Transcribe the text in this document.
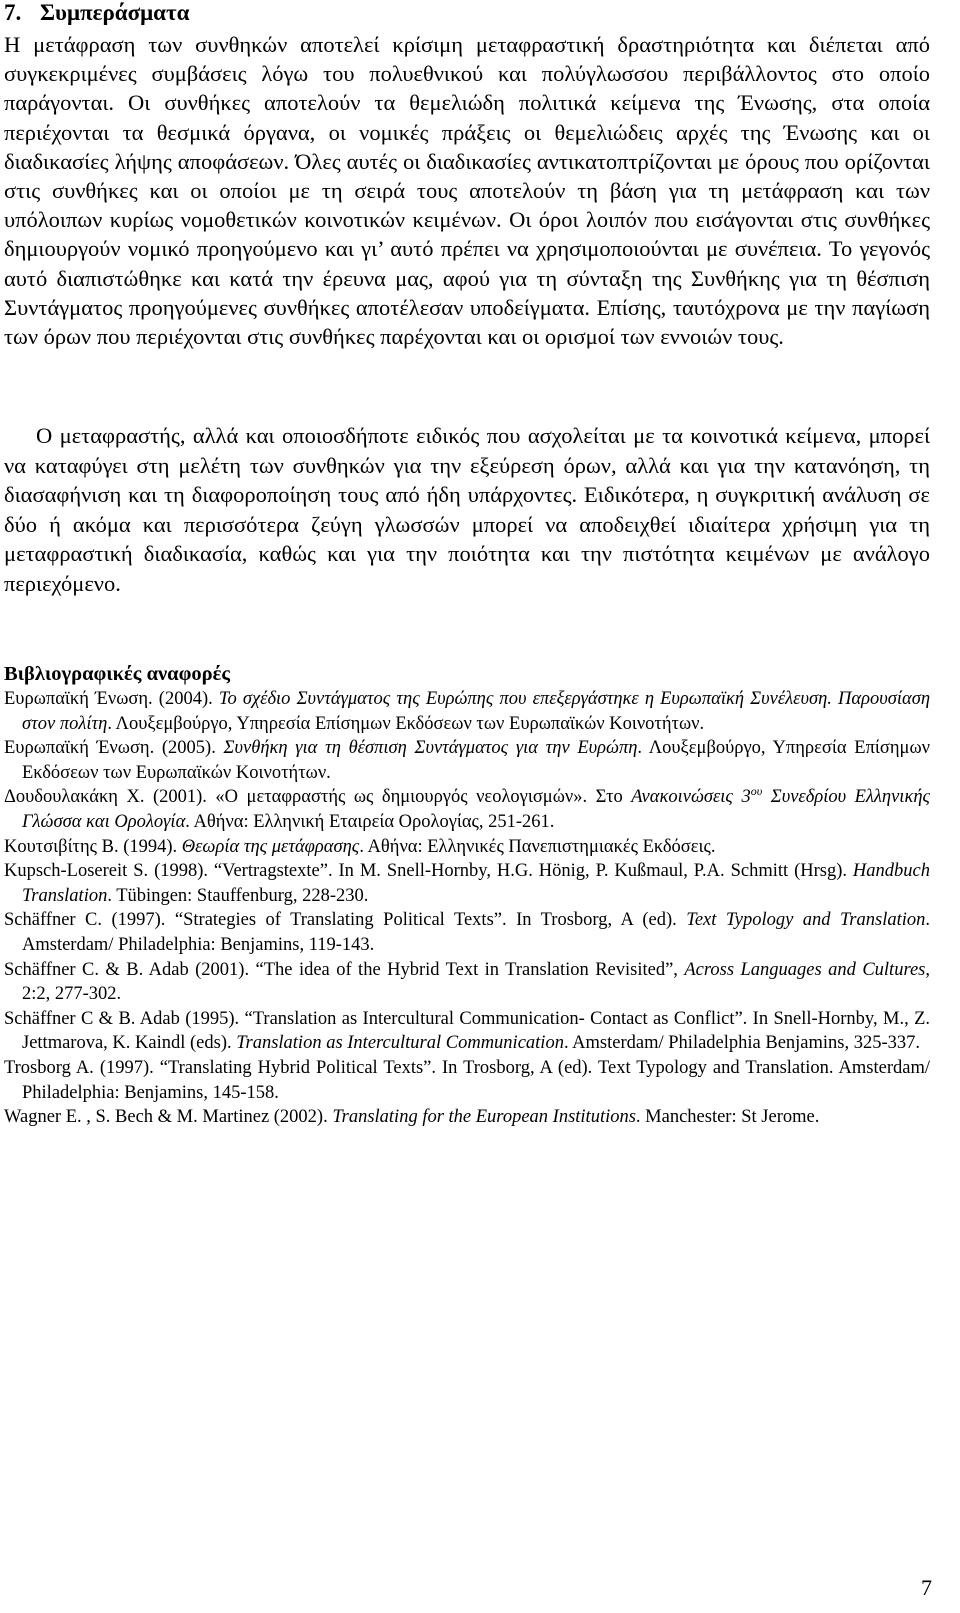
7. Συμπεράσματα

Η μετάφραση των συνθηκών αποτελεί κρίσιμη μεταφραστική δραστηριότητα και διέπεται από συγκεκριμένες συμβάσεις λόγω του πολυεθνικού και πολύγλωσσου περιβάλλοντος στο οποίο παράγονται. Οι συνθήκες αποτελούν τα θεμελιώδη πολιτικά κείμενα της Ένωσης, στα οποία περιέχονται τα θεσμικά όργανα, οι νομικές πράξεις οι θεμελιώδεις αρχές της Ένωσης και οι διαδικασίες λήψης αποφάσεων. Όλες αυτές οι διαδικασίες αντικατοπτρίζονται με όρους που ορίζονται στις συνθήκες και οι οποίοι με τη σειρά τους αποτελούν τη βάση για τη μετάφραση και των υπόλοιπων κυρίως νομοθετικών κοινοτικών κειμένων. Οι όροι λοιπόν που εισάγονται στις συνθήκες δημιουργούν νομικό προηγούμενο και γι’ αυτό πρέπει να χρησιμοποιούνται με συνέπεια. Το γεγονός αυτό διαπιστώθηκε και κατά την έρευνα μας, αφού για τη σύνταξη της Συνθήκης για τη θέσπιση Συντάγματος προηγούμενες συνθήκες αποτέλεσαν υποδείγματα. Επίσης, ταυτόχρονα με την παγίωση των όρων που περιέχονται στις συνθήκες παρέχονται και οι ορισμοί των εννοιών τους.

Ο μεταφραστής, αλλά και οποιοσδήποτε ειδικός που ασχολείται με τα κοινοτικά κείμενα, μπορεί να καταφύγει στη μελέτη των συνθηκών για την εξεύρεση όρων, αλλά και για την κατανόηση, τη διασαφήνιση και τη διαφοροποίηση τους από ήδη υπάρχοντες. Ειδικότερα, η συγκριτική ανάλυση σε δύο ή ακόμα και περισσότερα ζεύγη γλωσσών μπορεί να αποδειχθεί ιδιαίτερα χρήσιμη για τη μεταφραστική διαδικασία, καθώς και για την ποιότητα και την πιστότητα κειμένων με ανάλογο περιεχόμενο.

Βιβλιογραφικές αναφορές
Ευρωπαϊκή Ένωση. (2004). Το σχέδιο Συντάγματος της Ευρώπης που επεξεργάστηκε η Ευρωπαϊκή Συνέλευση. Παρουσίαση στον πολίτη. Λουξεμβούργο, Υπηρεσία Επίσημων Εκδόσεων των Ευρωπαϊκών Κοινοτήτων.
Ευρωπαϊκή Ένωση. (2005). Συνθήκη για τη θέσπιση Συντάγματος για την Ευρώπη. Λουξεμβούργο, Υπηρεσία Επίσημων Εκδόσεων των Ευρωπαϊκών Κοινοτήτων.
Δουδουλακάκη Χ. (2001). «Ο μεταφραστής ως δημιουργός νεολογισμών». Στο Ανακοινώσεις $3^{o\upsilon}$ Συνεδρίου Ελληνικής Γλώσσα και Ορολογία. Αθήνα: Ελληνική Εταιρεία Ορολογίας, 251-261.
Κουτσιβίτης Β. (1994). Θεωρία της μετάφρασης. Αθήνα: Ελληνικές Πανεπιστημιακές Εκδόσεις.
Kupsch-Losereit S. (1998). “Vertragstexte”. In M. Snell-Hornby, H.G. Hönig, P. Kußmaul, P.A. Schmitt (Hrsg). Handbuch Translation. Tübingen: Stauffenburg, 228-230.
Schäffner C. (1997). “Strategies of Translating Political Texts”. In Trosborg, A (ed). Text Typology and Translation. Amsterdam/ Philadelphia: Benjamins, 119-143.
Schäffner C. & B. Adab (2001). “The idea of the Hybrid Text in Translation Revisited”, Across Languages and Cultures, 2:2, 277-302.
Schäffner C & B. Adab (1995). “Translation as Intercultural Communication- Contact as Conflict”. In Snell-Hornby, M., Z. Jettmarova, K. Kaindl (eds). Translation as Intercultural Communication. Amsterdam/ Philadelphia Benjamins, 325-337.
Trosborg A. (1997). “Translating Hybrid Political Texts”. In Trosborg, A (ed). Text Typology and Translation. Amsterdam/ Philadelphia: Benjamins, 145-158.
Wagner E. , S. Bech & M. Martinez (2002). Translating for the European Institutions. Manchester: St Jerome.
7
